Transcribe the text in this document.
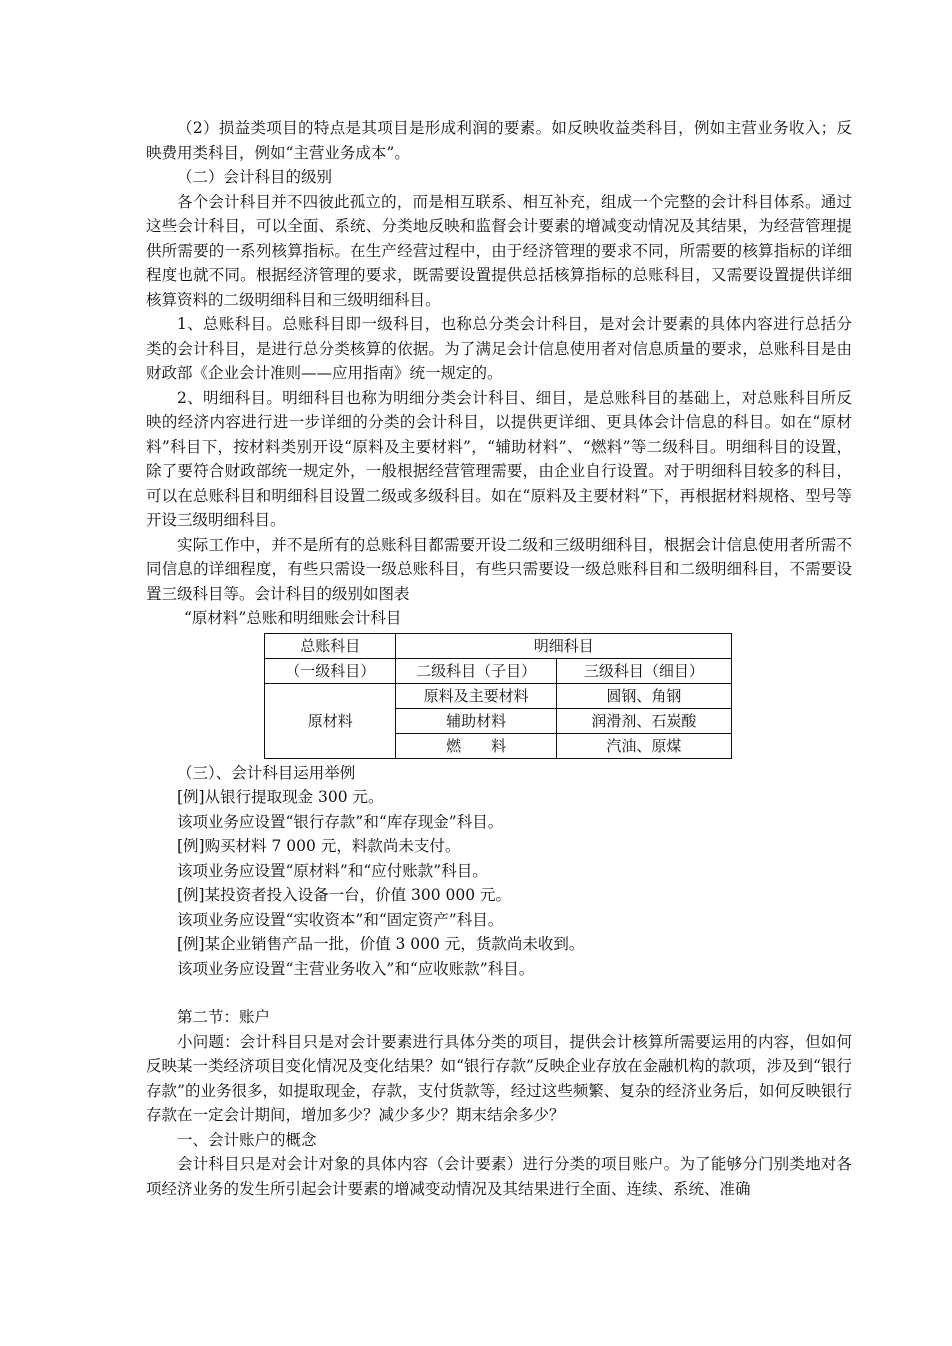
（2）损益类项目的特点是其项目是形成利润的要素。如反映收益类科目，例如主营业务收入；反映费用类科目，例如“主营业务成本”。

（二）会计科目的级别

各个会计科目并不四彼此孤立的，而是相互联系、相互补充，组成一个完整的会计科目体系。通过这些会计科目，可以全面、系统、分类地反映和监督会计要素的增减变动情况及其结果，为经营管理提供所需要的一系列核算指标。在生产经营过程中，由于经济管理的要求不同，所需要的核算指标的详细程度也就不同。根据经济管理的要求，既需要设置提供总括核算指标的总账科目，又需要设置提供详细核算资料的二级明细科目和三级明细科目。

1、总账科目。总账科目即一级科目，也称总分类会计科目，是对会计要素的具体内容进行总括分类的会计科目，是进行总分类核算的依据。为了满足会计信息使用者对信息质量的要求，总账科目是由财政部《企业会计准则——应用指南》统一规定的。

2、明细科目。明细科目也称为明细分类会计科目、细目，是总账科目的基础上，对总账科目所反映的经济内容进行进一步详细的分类的会计科目，以提供更详细、更具体会计信息的科目。如在“原材料”科目下，按材料类别开设“原料及主要材料”，“辅助材料”、“燃料”等二级科目。明细科目的设置，除了要符合财政部统一规定外，一般根据经营管理需要，由企业自行设置。对于明细科目较多的科目，可以在总账科目和明细科目设置二级或多级科目。如在“原料及主要材料”下，再根据材料规格、型号等开设三级明细科目。

实际工作中，并不是所有的总账科目都需要开设二级和三级明细科目，根据会计信息使用者所需不同信息的详细程度，有些只需设一级总账科目，有些只需要设一级总账科目和二级明细科目，不需要设置三级科目等。会计科目的级别如图表

“原材料”总账和明细账会计科目

总账科目	明细科目	
（一级科目）	二级科目（子目）	三级科目（细目）
原材料	原料及主要材料	圆钢、角钢
	辅助材料	润滑剂、石炭酸
	燃　　料	汽油、原煤

（三）、会计科目运用举例

[例]从银行提取现金 300 元。

该项业务应设置“银行存款”和“库存现金”科目。

[例]购买材料 7 000 元，料款尚未支付。

该项业务应设置“原材料”和“应付账款”科目。

[例]某投资者投入设备一台，价值 300 000 元。

该项业务应设置“实收资本”和“固定资产”科目。

[例]某企业销售产品一批，价值 3 000 元，货款尚未收到。

该项业务应设置“主营业务收入”和“应收账款”科目。

第二节：账户

小问题：会计科目只是对会计要素进行具体分类的项目，提供会计核算所需要运用的内容，但如何反映某一类经济项目变化情况及变化结果？如“银行存款”反映企业存放在金融机构的款项，涉及到“银行存款”的业务很多，如提取现金，存款，支付货款等，经过这些频繁、复杂的经济业务后，如何反映银行存款在一定会计期间，增加多少？减少多少？期末结余多少？

一、会计账户的概念

会计科目只是对会计对象的具体内容（会计要素）进行分类的项目账户。为了能够分门别类地对各项经济业务的发生所引起会计要素的增减变动情况及其结果进行全面、连续、系统、准确
